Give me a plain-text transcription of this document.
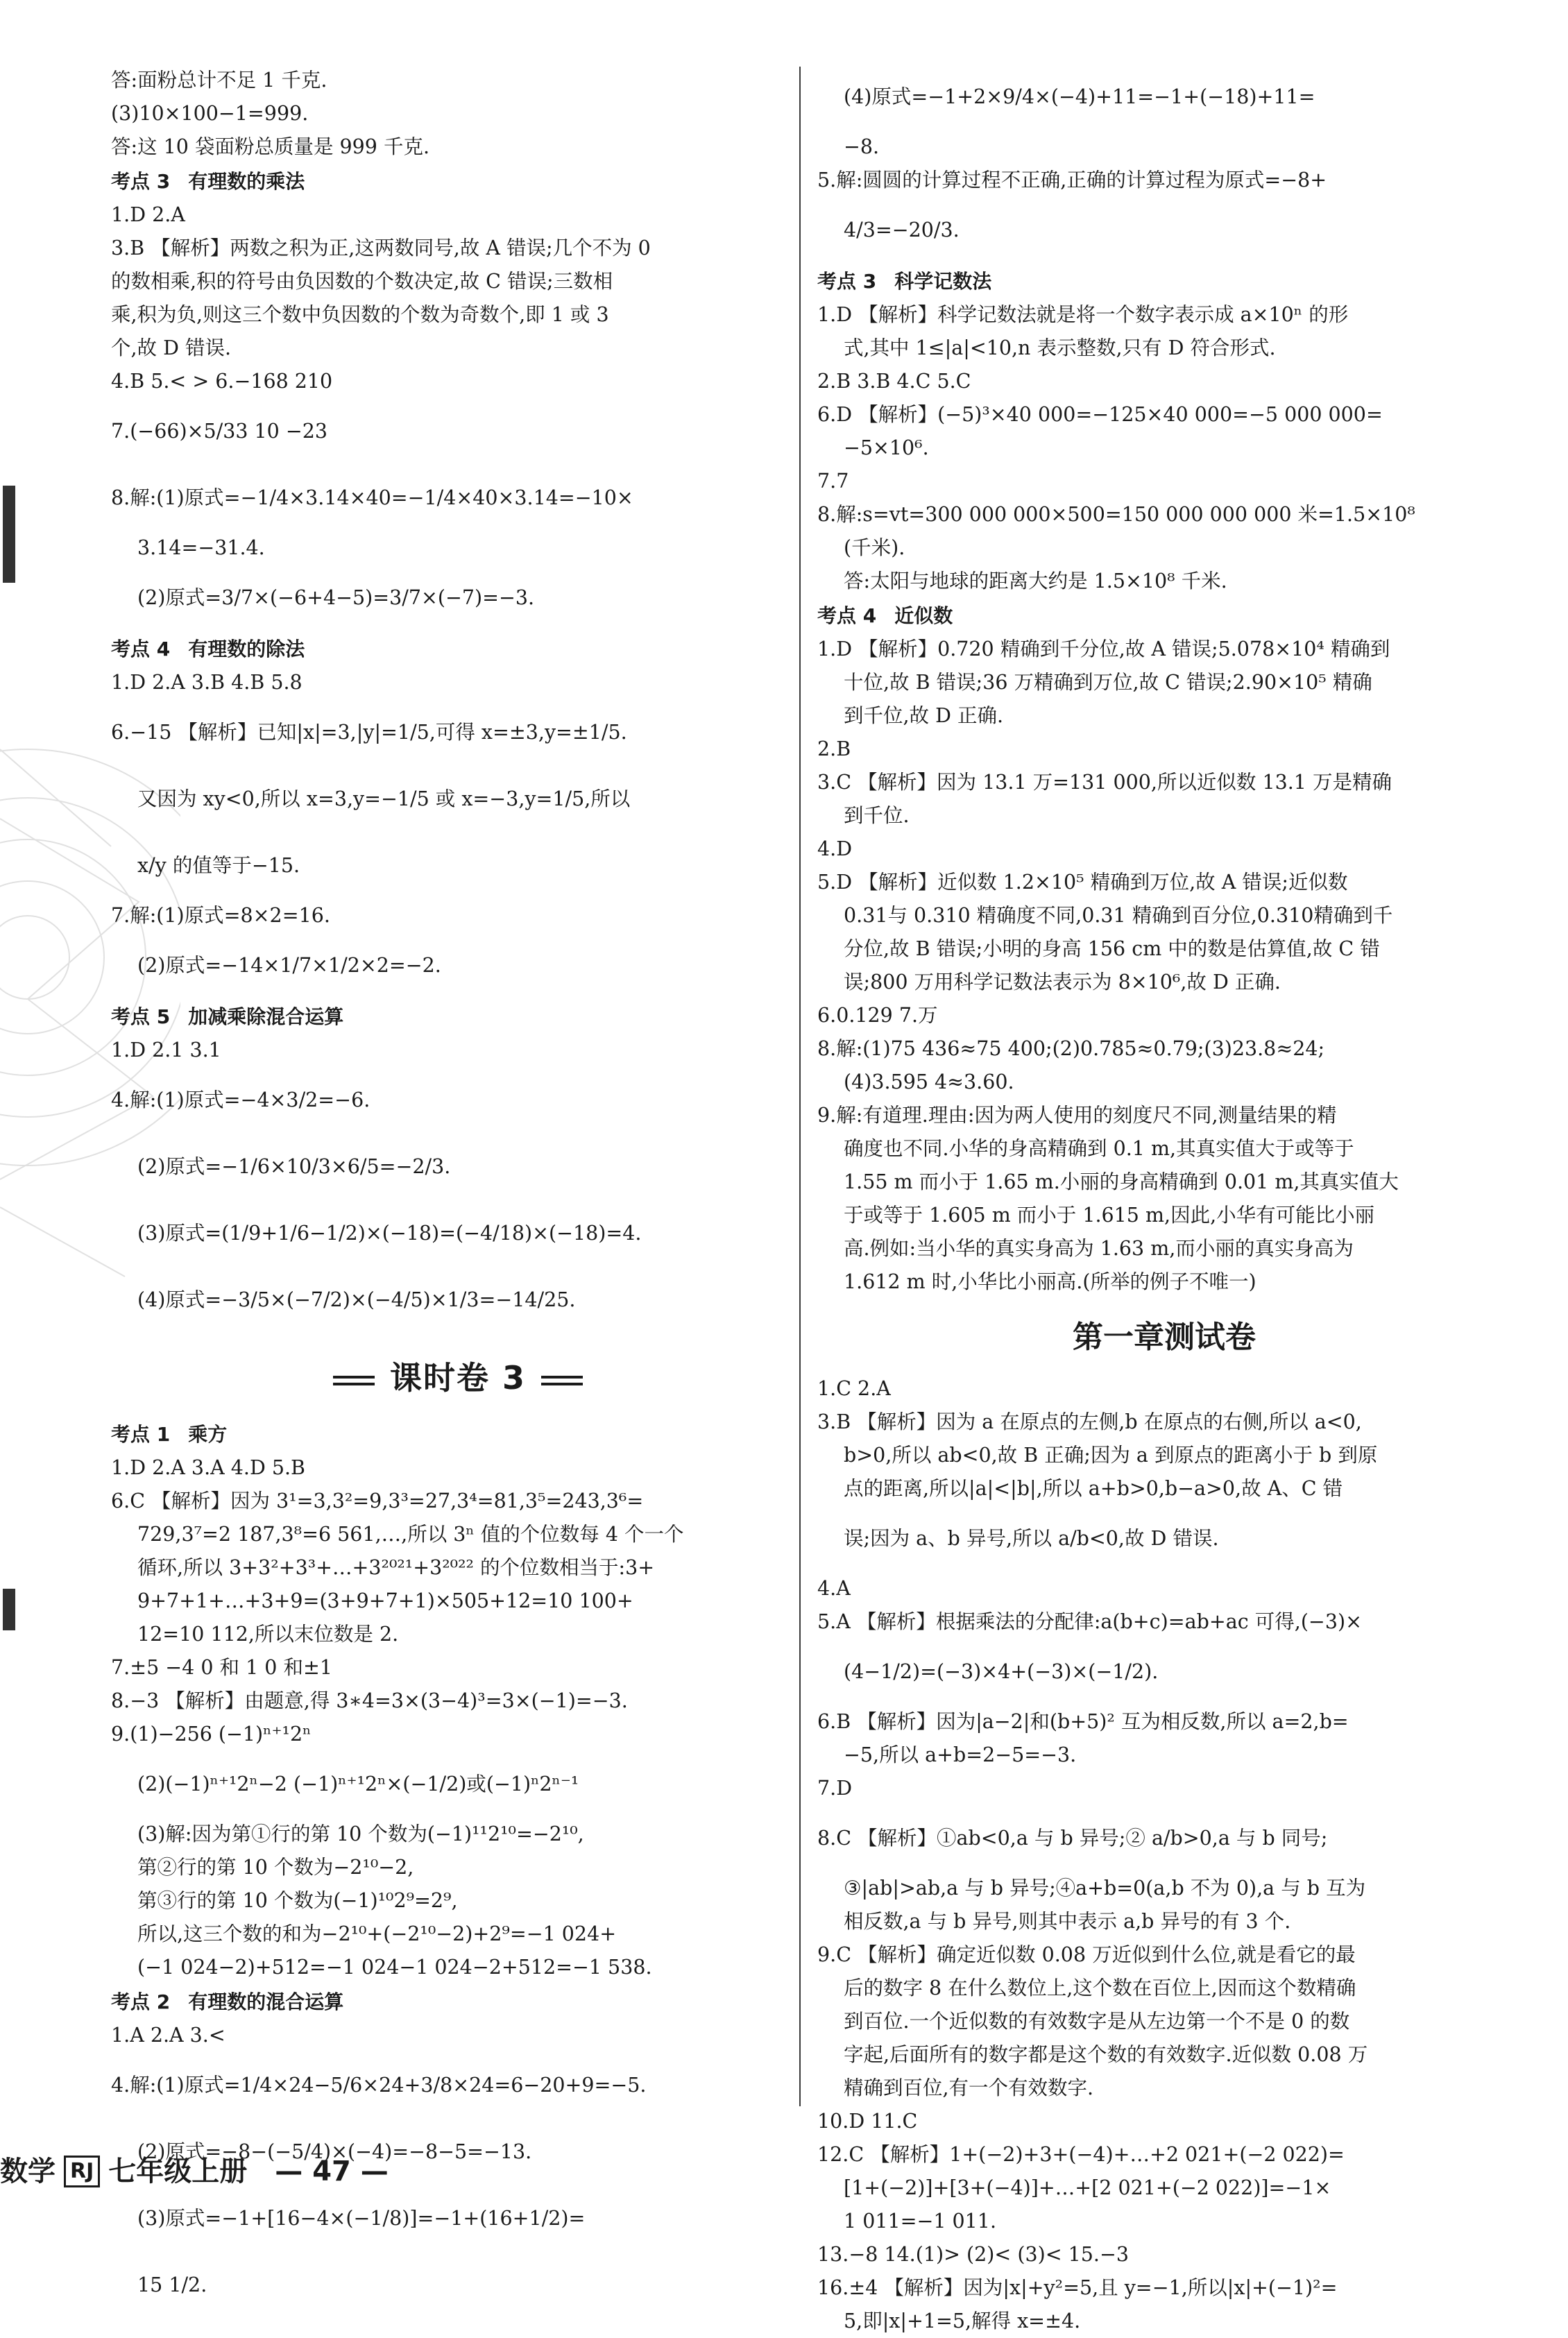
答:面粉总计不足 1 千克.
(3)10×100−1=999.
答:这 10 袋面粉总质量是 999 千克.
考点 3 有理数的乘法
1.D 2.A
3.B 【解析】两数之积为正,这两数同号,故 A 错误;几个不为 0
的数相乘,积的符号由负因数的个数决定,故 C 错误;三数相
乘,积为负,则这三个数中负因数的个数为奇数个,即 1 或 3
个,故 D 错误.
4.B 5.< > 6.−168 210
7.(−66)×5/33 10 −23
8.解:(1)原式=−1/4×3.14×40=−1/4×40×3.14=−10×
3.14=−31.4.
(2)原式=3/7×(−6+4−5)=3/7×(−7)=−3.
考点 4 有理数的除法
1.D 2.A 3.B 4.B 5.8
6.−15 【解析】已知|x|=3,|y|=1/5,可得 x=±3,y=±1/5.
又因为 xy<0,所以 x=3,y=−1/5 或 x=−3,y=1/5,所以
x/y 的值等于−15.
7.解:(1)原式=8×2=16.
(2)原式=−14×1/7×1/2×2=−2.
考点 5 加减乘除混合运算
1.D 2.1 3.1
4.解:(1)原式=−4×3/2=−6.
(2)原式=−1/6×10/3×6/5=−2/3.
(3)原式=(1/9+1/6−1/2)×(−18)=(−4/18)×(−18)=4.
(4)原式=−3/5×(−7/2)×(−4/5)×1/3=−14/25.
课时卷 3
考点 1 乘方
1.D 2.A 3.A 4.D 5.B
6.C 【解析】因为 3¹=3,3²=9,3³=27,3⁴=81,3⁵=243,3⁶=
729,3⁷=2 187,3⁸=6 561,…,所以 3ⁿ 值的个位数每 4 个一个
循环,所以 3+3²+3³+…+3²⁰²¹+3²⁰²² 的个位数相当于:3+
9+7+1+…+3+9=(3+9+7+1)×505+12=10 100+
12=10 112,所以末位数是 2.
7.±5 −4 0 和 1 0 和±1
8.−3 【解析】由题意,得 3∗4=3×(3−4)³=3×(−1)=−3.
9.(1)−256 (−1)ⁿ⁺¹2ⁿ
(2)(−1)ⁿ⁺¹2ⁿ−2 (−1)ⁿ⁺¹2ⁿ×(−1/2)或(−1)ⁿ2ⁿ⁻¹
(3)解:因为第①行的第 10 个数为(−1)¹¹2¹⁰=−2¹⁰,
第②行的第 10 个数为−2¹⁰−2,
第③行的第 10 个数为(−1)¹⁰2⁹=2⁹,
所以,这三个数的和为−2¹⁰+(−2¹⁰−2)+2⁹=−1 024+
(−1 024−2)+512=−1 024−1 024−2+512=−1 538.
考点 2 有理数的混合运算
1.A 2.A 3.<
4.解:(1)原式=1/4×24−5/6×24+3/8×24=6−20+9=−5.
(2)原式=−8−(−5/4)×(−4)=−8−5=−13.
(3)原式=−1+[16−4×(−1/8)]=−1+(16+1/2)=
15 1/2.
(4)原式=−1+2×9/4×(−4)+11=−1+(−18)+11=
−8.
5.解:圆圆的计算过程不正确,正确的计算过程为原式=−8+
4/3=−20/3.
考点 3 科学记数法
1.D 【解析】科学记数法就是将一个数字表示成 a×10ⁿ 的形
式,其中 1≤|a|<10,n 表示整数,只有 D 符合形式.
2.B 3.B 4.C 5.C
6.D 【解析】(−5)³×40 000=−125×40 000=−5 000 000=
−5×10⁶.
7.7
8.解:s=vt=300 000 000×500=150 000 000 000 米=1.5×10⁸
(千米).
答:太阳与地球的距离大约是 1.5×10⁸ 千米.
考点 4 近似数
1.D 【解析】0.720 精确到千分位,故 A 错误;5.078×10⁴ 精确到
十位,故 B 错误;36 万精确到万位,故 C 错误;2.90×10⁵ 精确
到千位,故 D 正确.
2.B
3.C 【解析】因为 13.1 万=131 000,所以近似数 13.1 万是精确
到千位.
4.D
5.D 【解析】近似数 1.2×10⁵ 精确到万位,故 A 错误;近似数
0.31与 0.310 精确度不同,0.31 精确到百分位,0.310精确到千
分位,故 B 错误;小明的身高 156 cm 中的数是估算值,故 C 错
误;800 万用科学记数法表示为 8×10⁶,故 D 正确.
6.0.129 7.万
8.解:(1)75 436≈75 400;(2)0.785≈0.79;(3)23.8≈24;
(4)3.595 4≈3.60.
9.解:有道理.理由:因为两人使用的刻度尺不同,测量结果的精
确度也不同.小华的身高精确到 0.1 m,其真实值大于或等于
1.55 m 而小于 1.65 m.小丽的身高精确到 0.01 m,其真实值大
于或等于 1.605 m 而小于 1.615 m,因此,小华有可能比小丽
高.例如:当小华的真实身高为 1.63 m,而小丽的真实身高为
1.612 m 时,小华比小丽高.(所举的例子不唯一)
第一章测试卷
1.C 2.A
3.B 【解析】因为 a 在原点的左侧,b 在原点的右侧,所以 a<0,
b>0,所以 ab<0,故 B 正确;因为 a 到原点的距离小于 b 到原
点的距离,所以|a|<|b|,所以 a+b>0,b−a>0,故 A、C 错
误;因为 a、b 异号,所以 a/b<0,故 D 错误.
4.A
5.A 【解析】根据乘法的分配律:a(b+c)=ab+ac 可得,(−3)×
(4−1/2)=(−3)×4+(−3)×(−1/2).
6.B 【解析】因为|a−2|和(b+5)² 互为相反数,所以 a=2,b=
−5,所以 a+b=2−5=−3.
7.D
8.C 【解析】①ab<0,a 与 b 异号;② a/b>0,a 与 b 同号;
③|ab|>ab,a 与 b 异号;④a+b=0(a,b 不为 0),a 与 b 互为
相反数,a 与 b 异号,则其中表示 a,b 异号的有 3 个.
9.C 【解析】确定近似数 0.08 万近似到什么位,就是看它的最
后的数字 8 在什么数位上,这个数在百位上,因而这个数精确
到百位.一个近似数的有效数字是从左边第一个不是 0 的数
字起,后面所有的数字都是这个数的有效数字.近似数 0.08 万
精确到百位,有一个有效数字.
10.D 11.C
12.C 【解析】1+(−2)+3+(−4)+…+2 021+(−2 022)=
[1+(−2)]+[3+(−4)]+…+[2 021+(−2 022)]=−1×
1 011=−1 011.
13.−8 14.(1)> (2)< (3)< 15.−3
16.±4 【解析】因为|x|+y²=5,且 y=−1,所以|x|+(−1)²=
5,即|x|+1=5,解得 x=±4.
数学 RJ 七年级上册 — 47 —
